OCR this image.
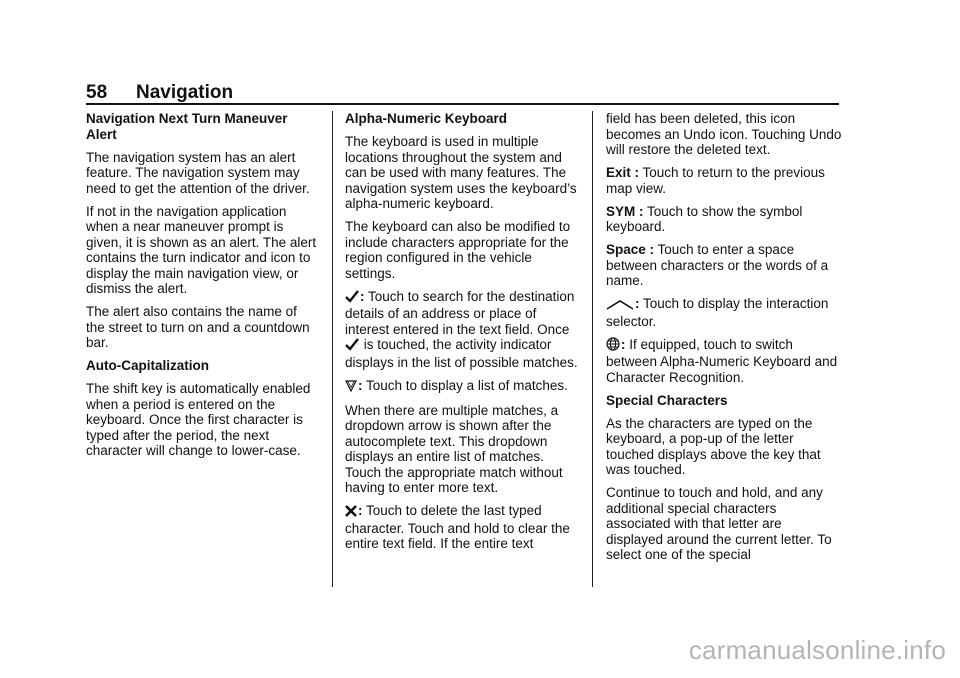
58 Navigation

Navigation Next Turn Maneuver Alert

The navigation system has an alert feature. The navigation system may need to get the attention of the driver.

If not in the navigation application when a near maneuver prompt is given, it is shown as an alert. The alert contains the turn indicator and icon to display the main navigation view, or dismiss the alert.

The alert also contains the name of the street to turn on and a countdown bar.

Auto-Capitalization

The shift key is automatically enabled when a period is entered on the keyboard. Once the first character is typed after the period, the next character will change to lower-case.

Alpha-Numeric Keyboard

The keyboard is used in multiple locations throughout the system and can be used with many features. The navigation system uses the keyboard’s alpha-numeric keyboard.

The keyboard can also be modified to include characters appropriate for the region configured in the vehicle settings.

: Touch to search for the destination details of an address or place of interest entered in the text field. Once  is touched, the activity indicator displays in the list of possible matches.

: Touch to display a list of matches.

When there are multiple matches, a dropdown arrow is shown after the autocomplete text. This dropdown displays an entire list of matches. Touch the appropriate match without having to enter more text.

: Touch to delete the last typed character. Touch and hold to clear the entire text field. If the entire text

field has been deleted, this icon becomes an Undo icon. Touching Undo will restore the deleted text.

Exit : Touch to return to the previous map view.

SYM : Touch to show the symbol keyboard.

Space : Touch to enter a space between characters or the words of a name.

: Touch to display the interaction selector.

: If equipped, touch to switch between Alpha-Numeric Keyboard and Character Recognition.

Special Characters

As the characters are typed on the keyboard, a pop-up of the letter touched displays above the key that was touched.

Continue to touch and hold, and any additional special characters associated with that letter are displayed around the current letter. To select one of the special

carmanualsonline.info
